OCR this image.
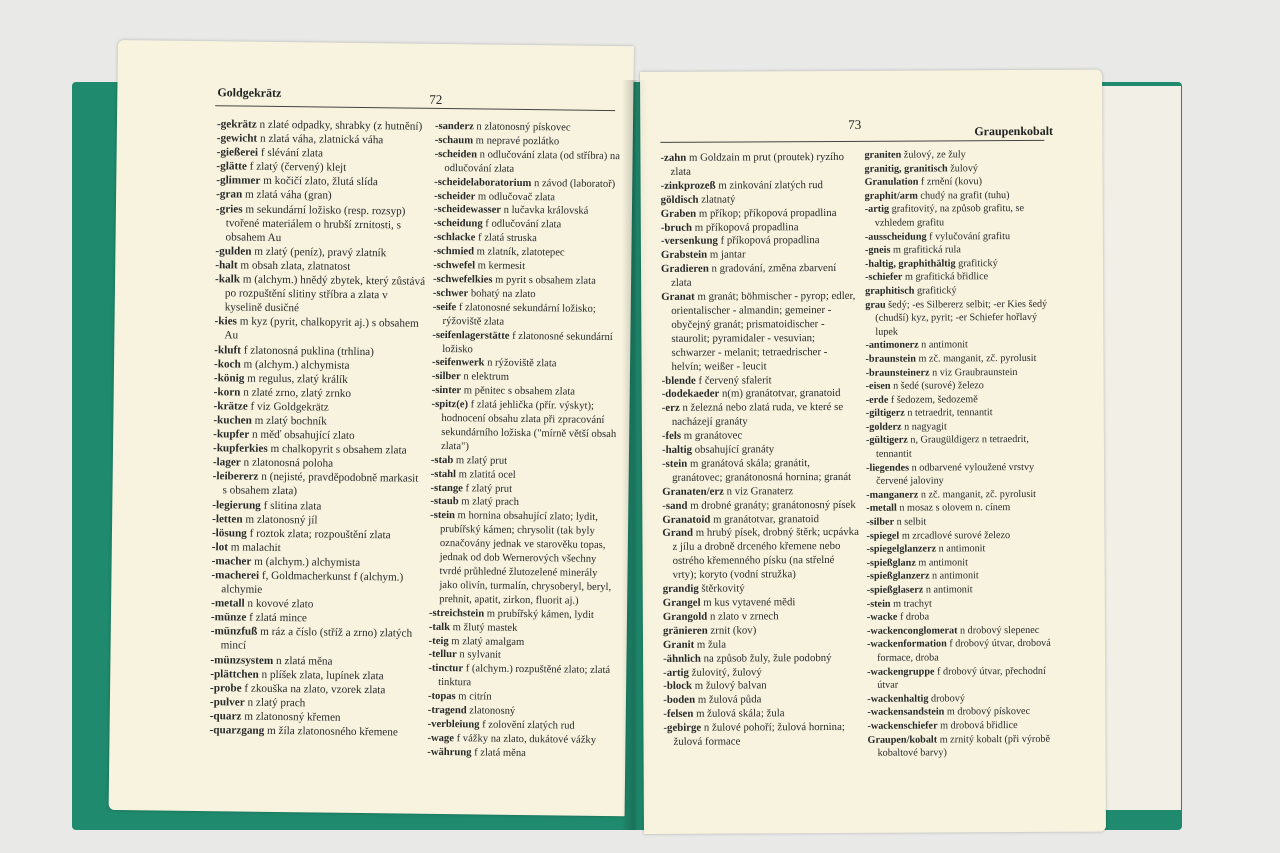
Goldgekrätz	72

-gekrätz n zlaté odpadky, shrabky (z hutnění)

-gewicht n zlatá váha, zlatnická váha

-gießerei f slévání zlata

-glätte f zlatý (červený) klejt

-glimmer m kočičí zlato, žlutá slída

-gran m zlatá váha (gran)

-gries m sekundární ložisko (resp. rozsyp) tvořené materiálem o hrubší zrnitosti, s obsahem Au

-gulden m zlatý (peníz), pravý zlatník

-halt m obsah zlata, zlatnatost

-kalk m (alchym.) hnědý zbytek, který zůstává po rozpuštění slitiny stříbra a zlata v kyselině dusičné

-kies m kyz (pyrit, chalkopyrit aj.) s obsahem Au

-kluft f zlatonosná puklina (trhlina)

-koch m (alchym.) alchymista

-könig m regulus, zlatý králík

-korn n zlaté zrno, zlatý zrnko

-krätze f viz Goldgekrätz

-kuchen m zlatý bochník

-kupfer n měď obsahující zlato

-kupferkies m chalkopyrit s obsahem zlata

-lager n zlatonosná poloha

-leibererz n (nejisté, pravděpodobně markasit s obsahem zlata)

-legierung f slitina zlata

-letten m zlatonosný jíl

-lösung f roztok zlata; rozpouštění zlata

-lot m malachit

-macher m (alchym.) alchymista

-macherei f, Goldmacherkunst f (alchym.) alchymie

-metall n kovové zlato

-münze f zlatá mince

-münzfuß m ráz a číslo (stříž a zrno) zlatých mincí

-münzsystem n zlatá měna

-plättchen n plíšek zlata, lupínek zlata

-probe f zkouška na zlato, vzorek zlata

-pulver n zlatý prach

-quarz m zlatonosný křemen

-quarzgang m žíla zlatonosného křemene

-sanderz n zlatonosný pískovec

-schaum m nepravé pozlátko

-scheiden n odlučování zlata (od stříbra) na odlučování zlata

-scheidelaboratorium n závod (laboratoř)

-scheider m odlučovač zlata

-scheidewasser n lučavka královská

-scheidung f odlučování zlata

-schlacke f zlatá struska

-schmied m zlatník, zlatotepec

-schwefel m kermesit

-schwefelkies m pyrit s obsahem zlata

-schwer bohatý na zlato

-seife f zlatonosné sekundární ložisko; rýžoviště zlata

-seifenlagerstätte f zlatonosné sekundární ložisko

-seifenwerk n rýžoviště zlata

-silber n elektrum

-sinter m pěnitec s obsahem zlata

-spitz(e) f zlatá jehlička (přír. výskyt); hodnocení obsahu zlata při zpracování sekundárního ložiska ("mírně větší obsah zlata")

-stab m zlatý prut

-stahl m zlatitá ocel

-stange f zlatý prut

-staub m zlatý prach

-stein m hornina obsahující zlato; lydit, prubířský kámen; chrysolit (tak byly označovány jednak ve starověku topas, jednak od dob Wernerových všechny tvrdé průhledné žlutozelené minerály jako olivín, turmalín, chrysoberyl, beryl, prehnit, apatit, zirkon, fluorit aj.)

-streichstein m prubířský kámen, lydit

-talk m žlutý mastek

-teig m zlatý amalgam

-tellur n sylvanit

-tinctur f (alchym.) rozpuštěné zlato; zlatá tinktura

-topas m citrín

-tragend zlatonosný

-verbleiung f zolovění zlatých rud

-wage f vážky na zlato, dukátové vážky

-währung f zlatá měna

73	Graupenkobalt

-zahn m Goldzain m prut (proutek) ryzího zlata

-zinkprozeß m zinkování zlatých rud

göldisch zlatnatý

Graben m příkop; příkopová propadlina

-bruch m příkopová propadlina

-versenkung f příkopová propadlina

Grabstein m jantar

Gradieren n gradování, změna zbarvení zlata

Granat m granát; böhmischer - pyrop; edler, orientalischer - almandin; gemeiner - obyčejný granát; prismatoidischer - staurolit; pyramidaler - vesuvian; schwarzer - melanit; tetraedrischer - helvín; weißer - leucit

-blende f červený sfalerit

-dodekaeder n(m) granátotvar, granatoid

-erz n železná nebo zlatá ruda, ve které se nacházejí granáty

-fels m granátovec

-haltig obsahující granáty

-stein m granátová skála; granátit, granátovec; granátonosná hornina; granát

Granaten/erz n viz Granaterz

-sand m drobné granáty; granátonosný písek

Granatoid m granátotvar, granatoid

Grand m hrubý písek, drobný štěrk; ucpávka z jílu a drobně drceného křemene nebo ostrého křemenného písku (na střelné vrty); koryto (vodní stružka)

grandig štěrkovitý

Grangel m kus vytavené mědi

Grangold n zlato v zrnech

gränieren zrnit (kov)

Granit m žula

-ähnlich na způsob žuly, žule podobný

-artig žulovitý, žulový

-block m žulový balvan

-boden m žulová půda

-felsen m žulová skála; žula

-gebirge n žulové pohoří; žulová hornina; žulová formace

graniten žulový, ze žuly

granitig, granitisch žulový

Granulation f zrnění (kovu)

graphit/arm chudý na grafit (tuhu)

-artig grafitovitý, na způsob grafitu, se vzhledem grafitu

-ausscheidung f vylučování grafitu

-gneis m grafitická rula

-haltig, graphithältig grafitický

-schiefer m grafitická břidlice

graphitisch grafitický

grau šedý; -es Silbererz selbit; -er Kies šedý (chudší) kyz, pyrit; -er Schiefer hořlavý lupek

-antimonerz n antimonit

-braunstein m zč. manganit, zč. pyrolusit

-braunsteinerz n viz Graubraunstein

-eisen n šedé (surové) železo

-erde f šedozem, šedozemě

-giltigerz n tetraedrit, tennantit

-golderz n nagyagit

-gültigerz n, Graugüldigerz n tetraedrit, tennantit

-liegendes n odbarvené vyloužené vrstvy červené jaloviny

-manganerz n zč. manganit, zč. pyrolusit

-metall n mosaz s olovem n. cínem

-silber n selbit

-spiegel m zrcadlové surové železo

-spiegelglanzerz n antimonit

-spießglanz m antimonit

-spießglanzerz n antimonit

-spießglaserz n antimonit

-stein m trachyt

-wacke f droba

-wackenconglomerat n drobový slepenec

-wackenformation f drobový útvar, drobová formace, droba

-wackengruppe f drobový útvar, přechodní útvar

-wackenhaltig drobový

-wackensandstein m drobový pískovec

-wackenschiefer m drobová břidlice

Graupen/kobalt m zrnitý kobalt (při výrobě kobaltové barvy)
